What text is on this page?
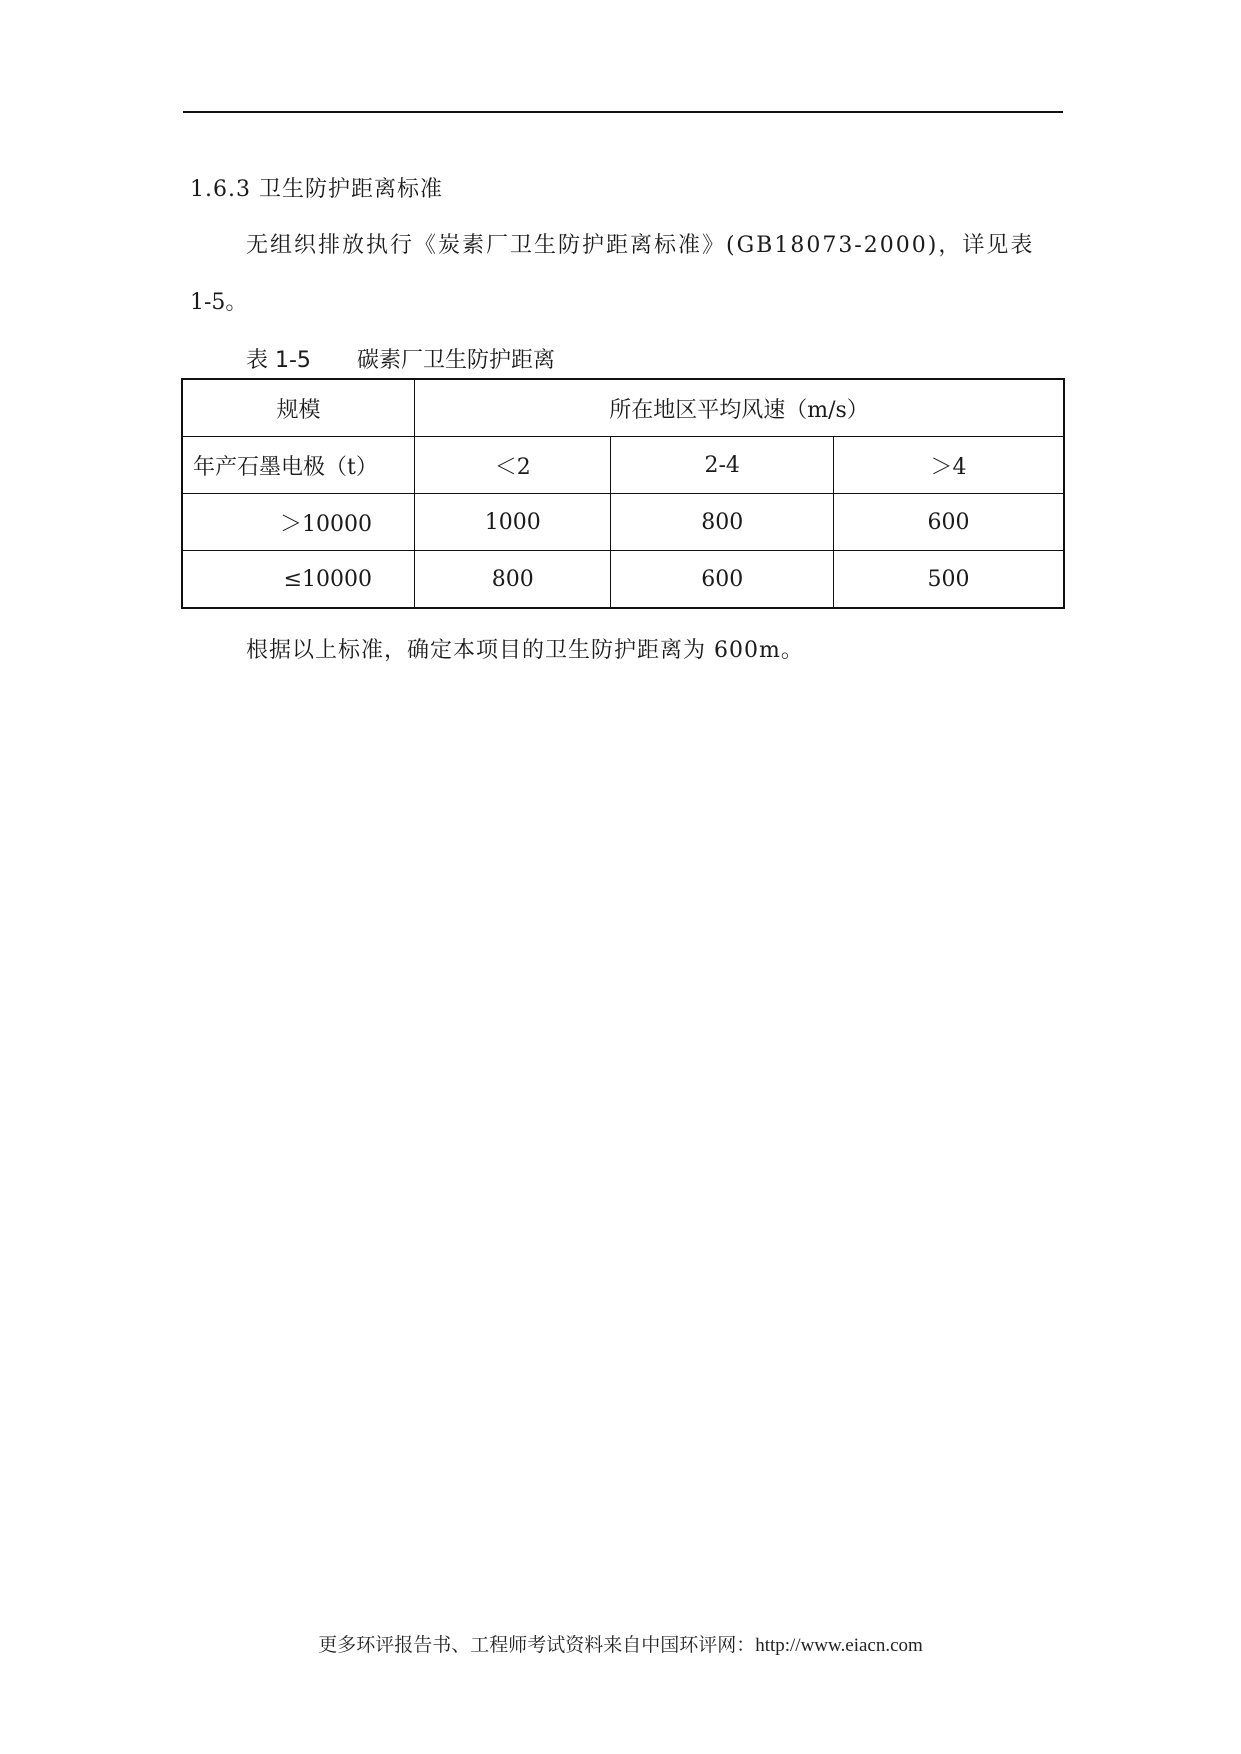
1.6.3 卫生防护距离标准
无组织排放执行《炭素厂卫生防护距离标准》(GB18073-2000)，详见表
1-5。
表 1-5 碳素厂卫生防护距离
规模	所在地区平均风速（m/s）		
年产石墨电极（t）	＜2	2-4	＞4
＞10000	1000	800	600
≤10000	800	600	500
根据以上标准，确定本项目的卫生防护距离为 600m。
更多环评报告书、工程师考试资料来自中国环评网：http://www.eiacn.com
